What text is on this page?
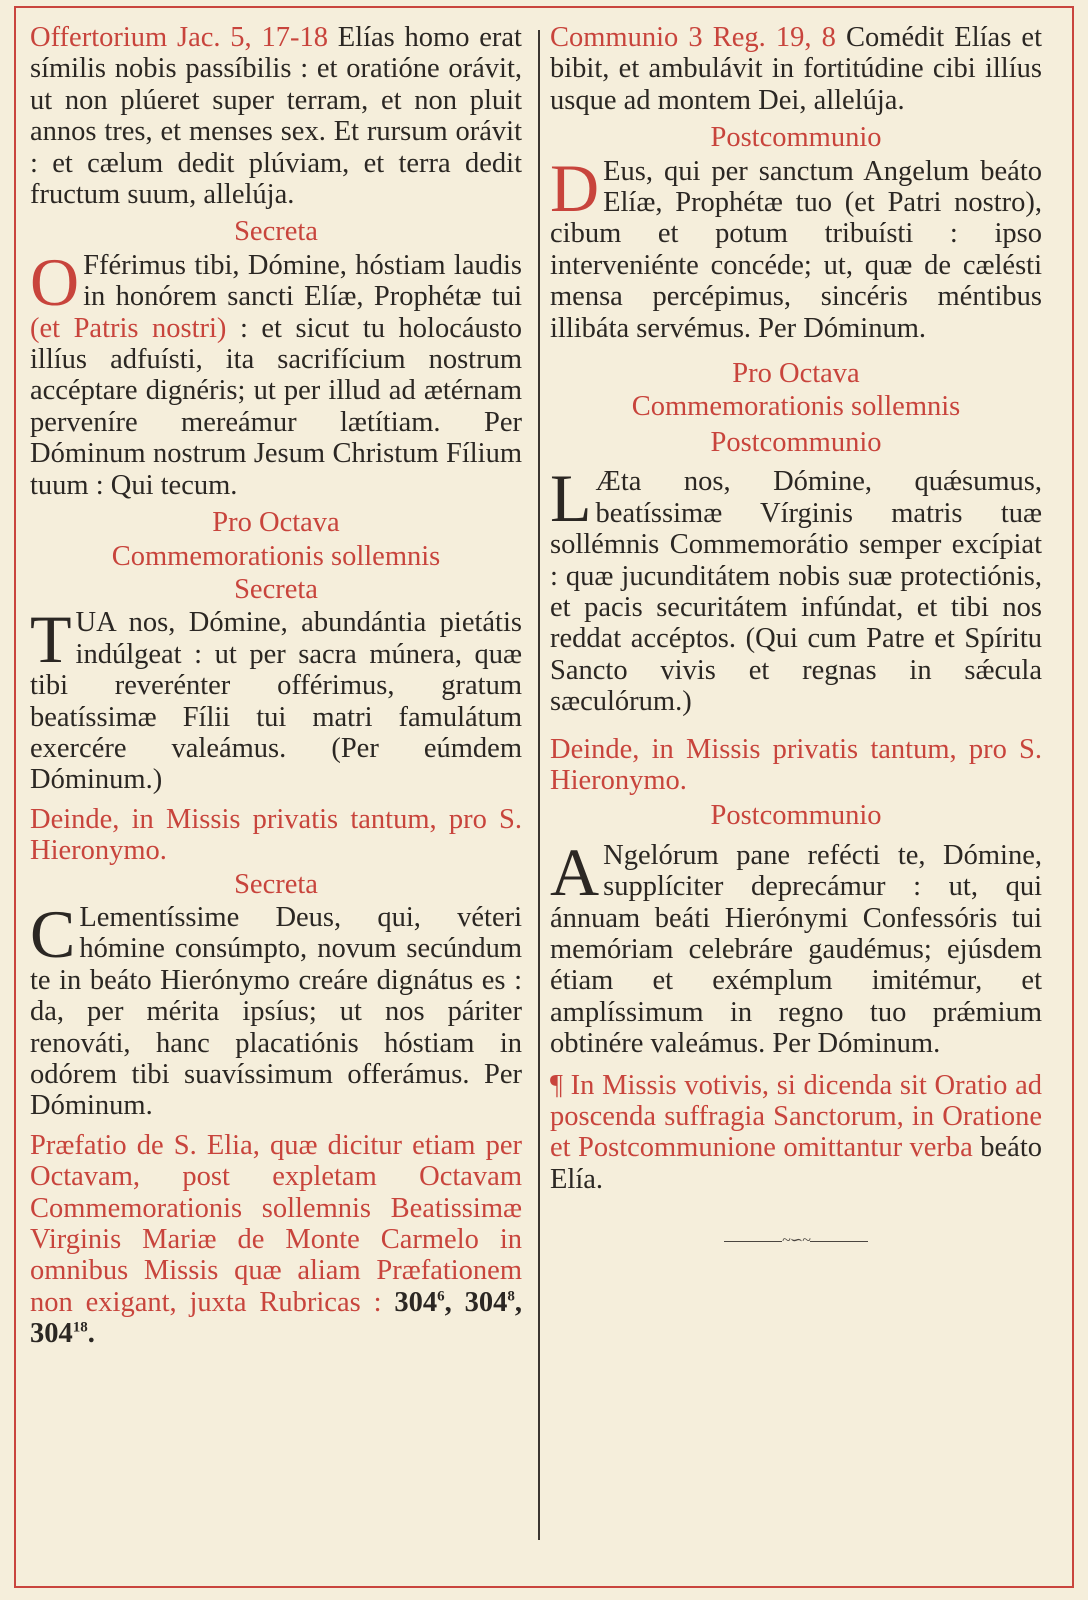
Offertorium Jac. 5, 17-18 Elías homo erat símilis nobis passíbilis : et oratióne orávit, ut non plúeret super terram, et non pluit annos tres, et menses sex. Et rursum orávit : et cælum dedit plúviam, et terra dedit fructum suum, allelúja.

Secreta

O Fférimus tibi, Dómine, hóstiam laudis in honórem sancti Elíæ, Prophétæ tui (et Patris nostri) : et sicut tu holocáusto illíus adfuísti, ita sacrifícium nostrum accéptare dignéris; ut per illud ad ætérnam perveníre mereámur lætítiam. Per Dóminum nostrum Jesum Christum Fílium tuum : Qui tecum.

Pro Octava
Commemorationis sollemnis
Secreta

TUA nos, Dómine, abundántia pietátis indúlgeat : ut per sacra múnera, quæ tibi reverénter offérimus, gratum beatíssimæ Fílii tui matri famulátum exercére valeámus. (Per eúmdem Dóminum.)

Deinde, in Missis privatis tantum, pro S. Hieronymo.

Secreta

C Lementíssime Deus, qui, véteri hómine consúmpto, novum secúndum te in beáto Hierónymo creáre dignátus es : da, per mérita ipsíus; ut nos páriter renováti, hanc placatiónis hóstiam in odórem tibi suavíssimum offerámus. Per Dóminum.

Præfatio de S. Elia, quæ dicitur etiam per Octavam, post expletam Octavam Commemorationis sollemnis Beatissimæ Virginis Mariæ de Monte Carmelo in omnibus Missis quæ aliam Præfationem non exigant, juxta Rubricas : $304^6$, $304^8$, $304^{18}$.

Communio 3 Reg. 19, 8 Comédit Elías et bibit, et ambulávit in fortitúdine cibi illíus usque ad montem Dei, allelúja.

Postcommunio

D Eus, qui per sanctum Angelum beáto Elíæ, Prophétæ tuo (et Patri nostro), cibum et potum tribuísti : ipso interveniénte concéde; ut, quæ de cælésti mensa percépimus, sincéris méntibus illibáta servémus. Per Dóminum.

Pro Octava
Commemorationis sollemnis
Postcommunio

L Æta nos, Dómine, quǽsumus, beatíssimæ Vírginis matris tuæ sollémnis Commemorátio semper excípiat : quæ jucunditátem nobis suæ protectiónis, et pacis securitátem infúndat, et tibi nos reddat accéptos. (Qui cum Patre et Spíritu Sancto vivis et regnas in sǽcula sæculórum.)

Deinde, in Missis privatis tantum, pro S. Hieronymo.

Postcommunio

A Ngelórum pane refécti te, Dómine, supplíciter deprecámur : ut, qui ánnuam beáti Hierónymi Confessóris tui memóriam celebráre gaudémus; ejúsdem étiam et exémplum imitémur, et amplíssimum in regno tuo prǽmium obtinére valeámus. Per Dóminum.

¶ In Missis votivis, si dicenda sit Oratio ad poscenda suffragia Sanctorum, in Oratione et Postcommunione omittantur verba beáto Elía.

~∽~
